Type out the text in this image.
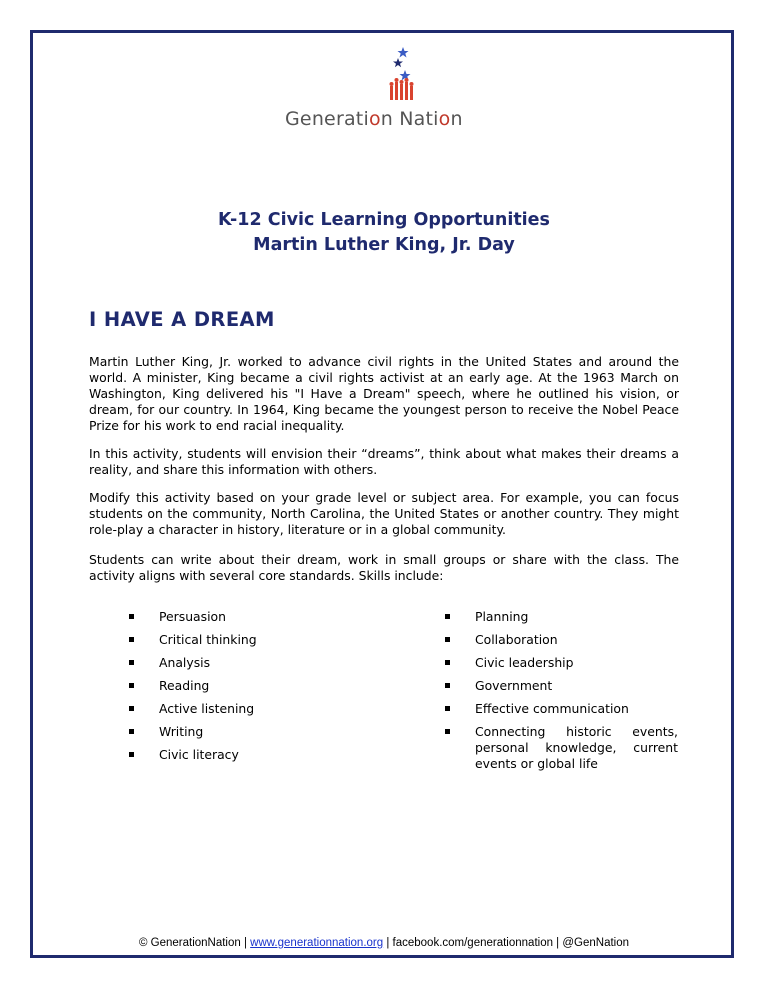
Generation Nation
K-12 Civic Learning Opportunities
Martin Luther King, Jr. Day
I HAVE A DREAM

Martin Luther King, Jr. worked to advance civil rights in the United States and around the world. A minister, King became a civil rights activist at an early age. At the 1963 March on Washington, King delivered his "I Have a Dream" speech, where he outlined his vision, or dream, for our country. In 1964, King became the youngest person to receive the Nobel Peace Prize for his work to end racial inequality.

In this activity, students will envision their “dreams”, think about what makes their dreams a reality, and share this information with others.

Modify this activity based on your grade level or subject area. For example, you can focus students on the community, North Carolina, the United States or another country. They might role-play a character in history, literature or in a global community.

Students can write about their dream, work in small groups or share with the class. The activity aligns with several core standards. Skills include:

Persuasion
Critical thinking
Analysis
Reading
Active listening
Writing
Civic literacy
Planning
Collaboration
Civic leadership
Government
Effective communication
Connecting historic events, personal knowledge, current events or global life
© GenerationNation | www.generationnation.org | facebook.com/generationnation | @GenNation
